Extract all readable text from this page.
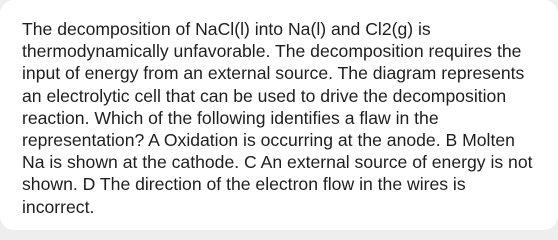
The decomposition of NaCl(l) into Na(l) and Cl2(g) is
thermodynamically unfavorable. The decomposition requires the
input of energy from an external source. The diagram represents
an electrolytic cell that can be used to drive the decomposition
reaction. Which of the following identifies a flaw in the
representation? A Oxidation is occurring at the anode. B Molten
Na is shown at the cathode. C An external source of energy is not
shown. D The direction of the electron flow in the wires is
incorrect.
